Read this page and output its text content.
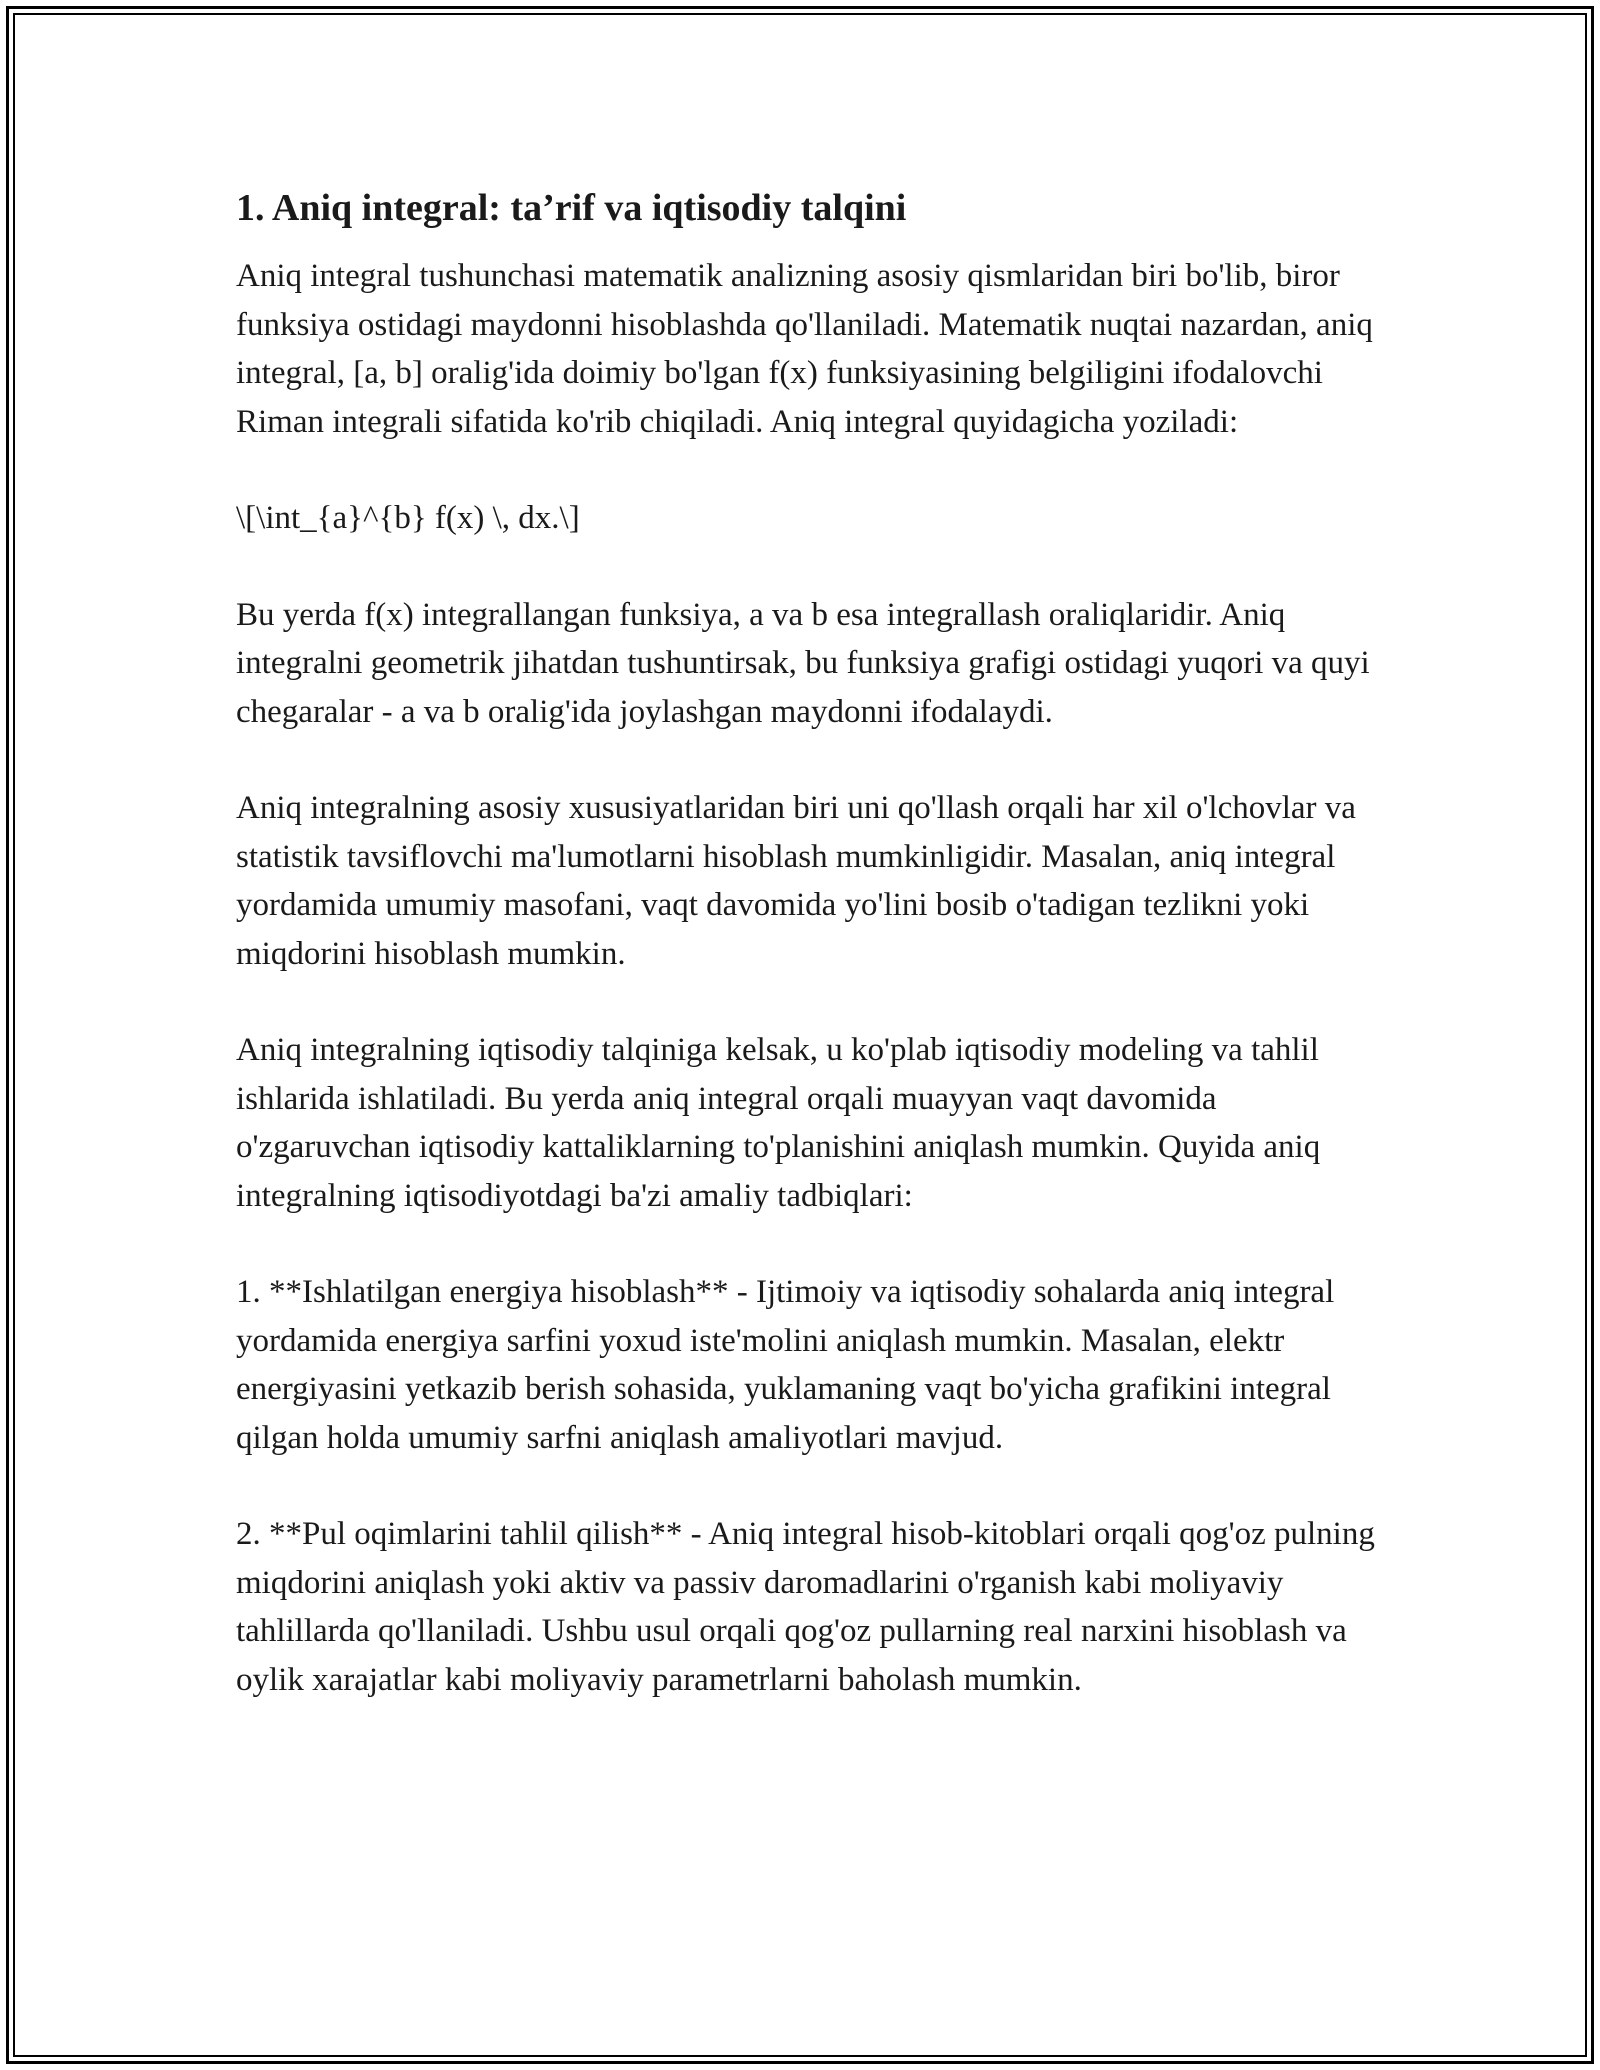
1. Aniq integral: ta’rif va iqtisodiy talqini

Aniq integral tushunchasi matematik analizning asosiy qismlaridan biri bo'lib, biror funksiya ostidagi maydonni hisoblashda qo'llaniladi. Matematik nuqtai nazardan, aniq integral, [a, b] oralig'ida doimiy bo'lgan f(x) funksiyasining belgiligini ifodalovchi Riman integrali sifatida ko'rib chiqiladi. Aniq integral quyidagicha yoziladi:

\[\int_{a}^{b} f(x) \, dx.\]

Bu yerda f(x) integrallangan funksiya, a va b esa integrallash oraliqlaridir. Aniq integralni geometrik jihatdan tushuntirsak, bu funksiya grafigi ostidagi yuqori va quyi chegaralar - a va b oralig'ida joylashgan maydonni ifodalaydi.

Aniq integralning asosiy xususiyatlaridan biri uni qo'llash orqali har xil o'lchovlar va statistik tavsiflovchi ma'lumotlarni hisoblash mumkinligidir. Masalan, aniq integral yordamida umumiy masofani, vaqt davomida yo'lini bosib o'tadigan tezlikni yoki miqdorini hisoblash mumkin.

Aniq integralning iqtisodiy talqiniga kelsak, u ko'plab iqtisodiy modeling va tahlil ishlarida ishlatiladi. Bu yerda aniq integral orqali muayyan vaqt davomida o'zgaruvchan iqtisodiy kattaliklarning to'planishini aniqlash mumkin. Quyida aniq integralning iqtisodiyotdagi ba'zi amaliy tadbiqlari:

1. **Ishlatilgan energiya hisoblash** - Ijtimoiy va iqtisodiy sohalarda aniq integral yordamida energiya sarfini yoxud iste'molini aniqlash mumkin. Masalan, elektr energiyasini yetkazib berish sohasida, yuklamaning vaqt bo'yicha grafikini integral qilgan holda umumiy sarfni aniqlash amaliyotlari mavjud.

2. **Pul oqimlarini tahlil qilish** - Aniq integral hisob-kitoblari orqali qog'oz pulning miqdorini aniqlash yoki aktiv va passiv daromadlarini o'rganish kabi moliyaviy tahlillarda qo'llaniladi. Ushbu usul orqali qog'oz pullarning real narxini hisoblash va oylik xarajatlar kabi moliyaviy parametrlarni baholash mumkin.
